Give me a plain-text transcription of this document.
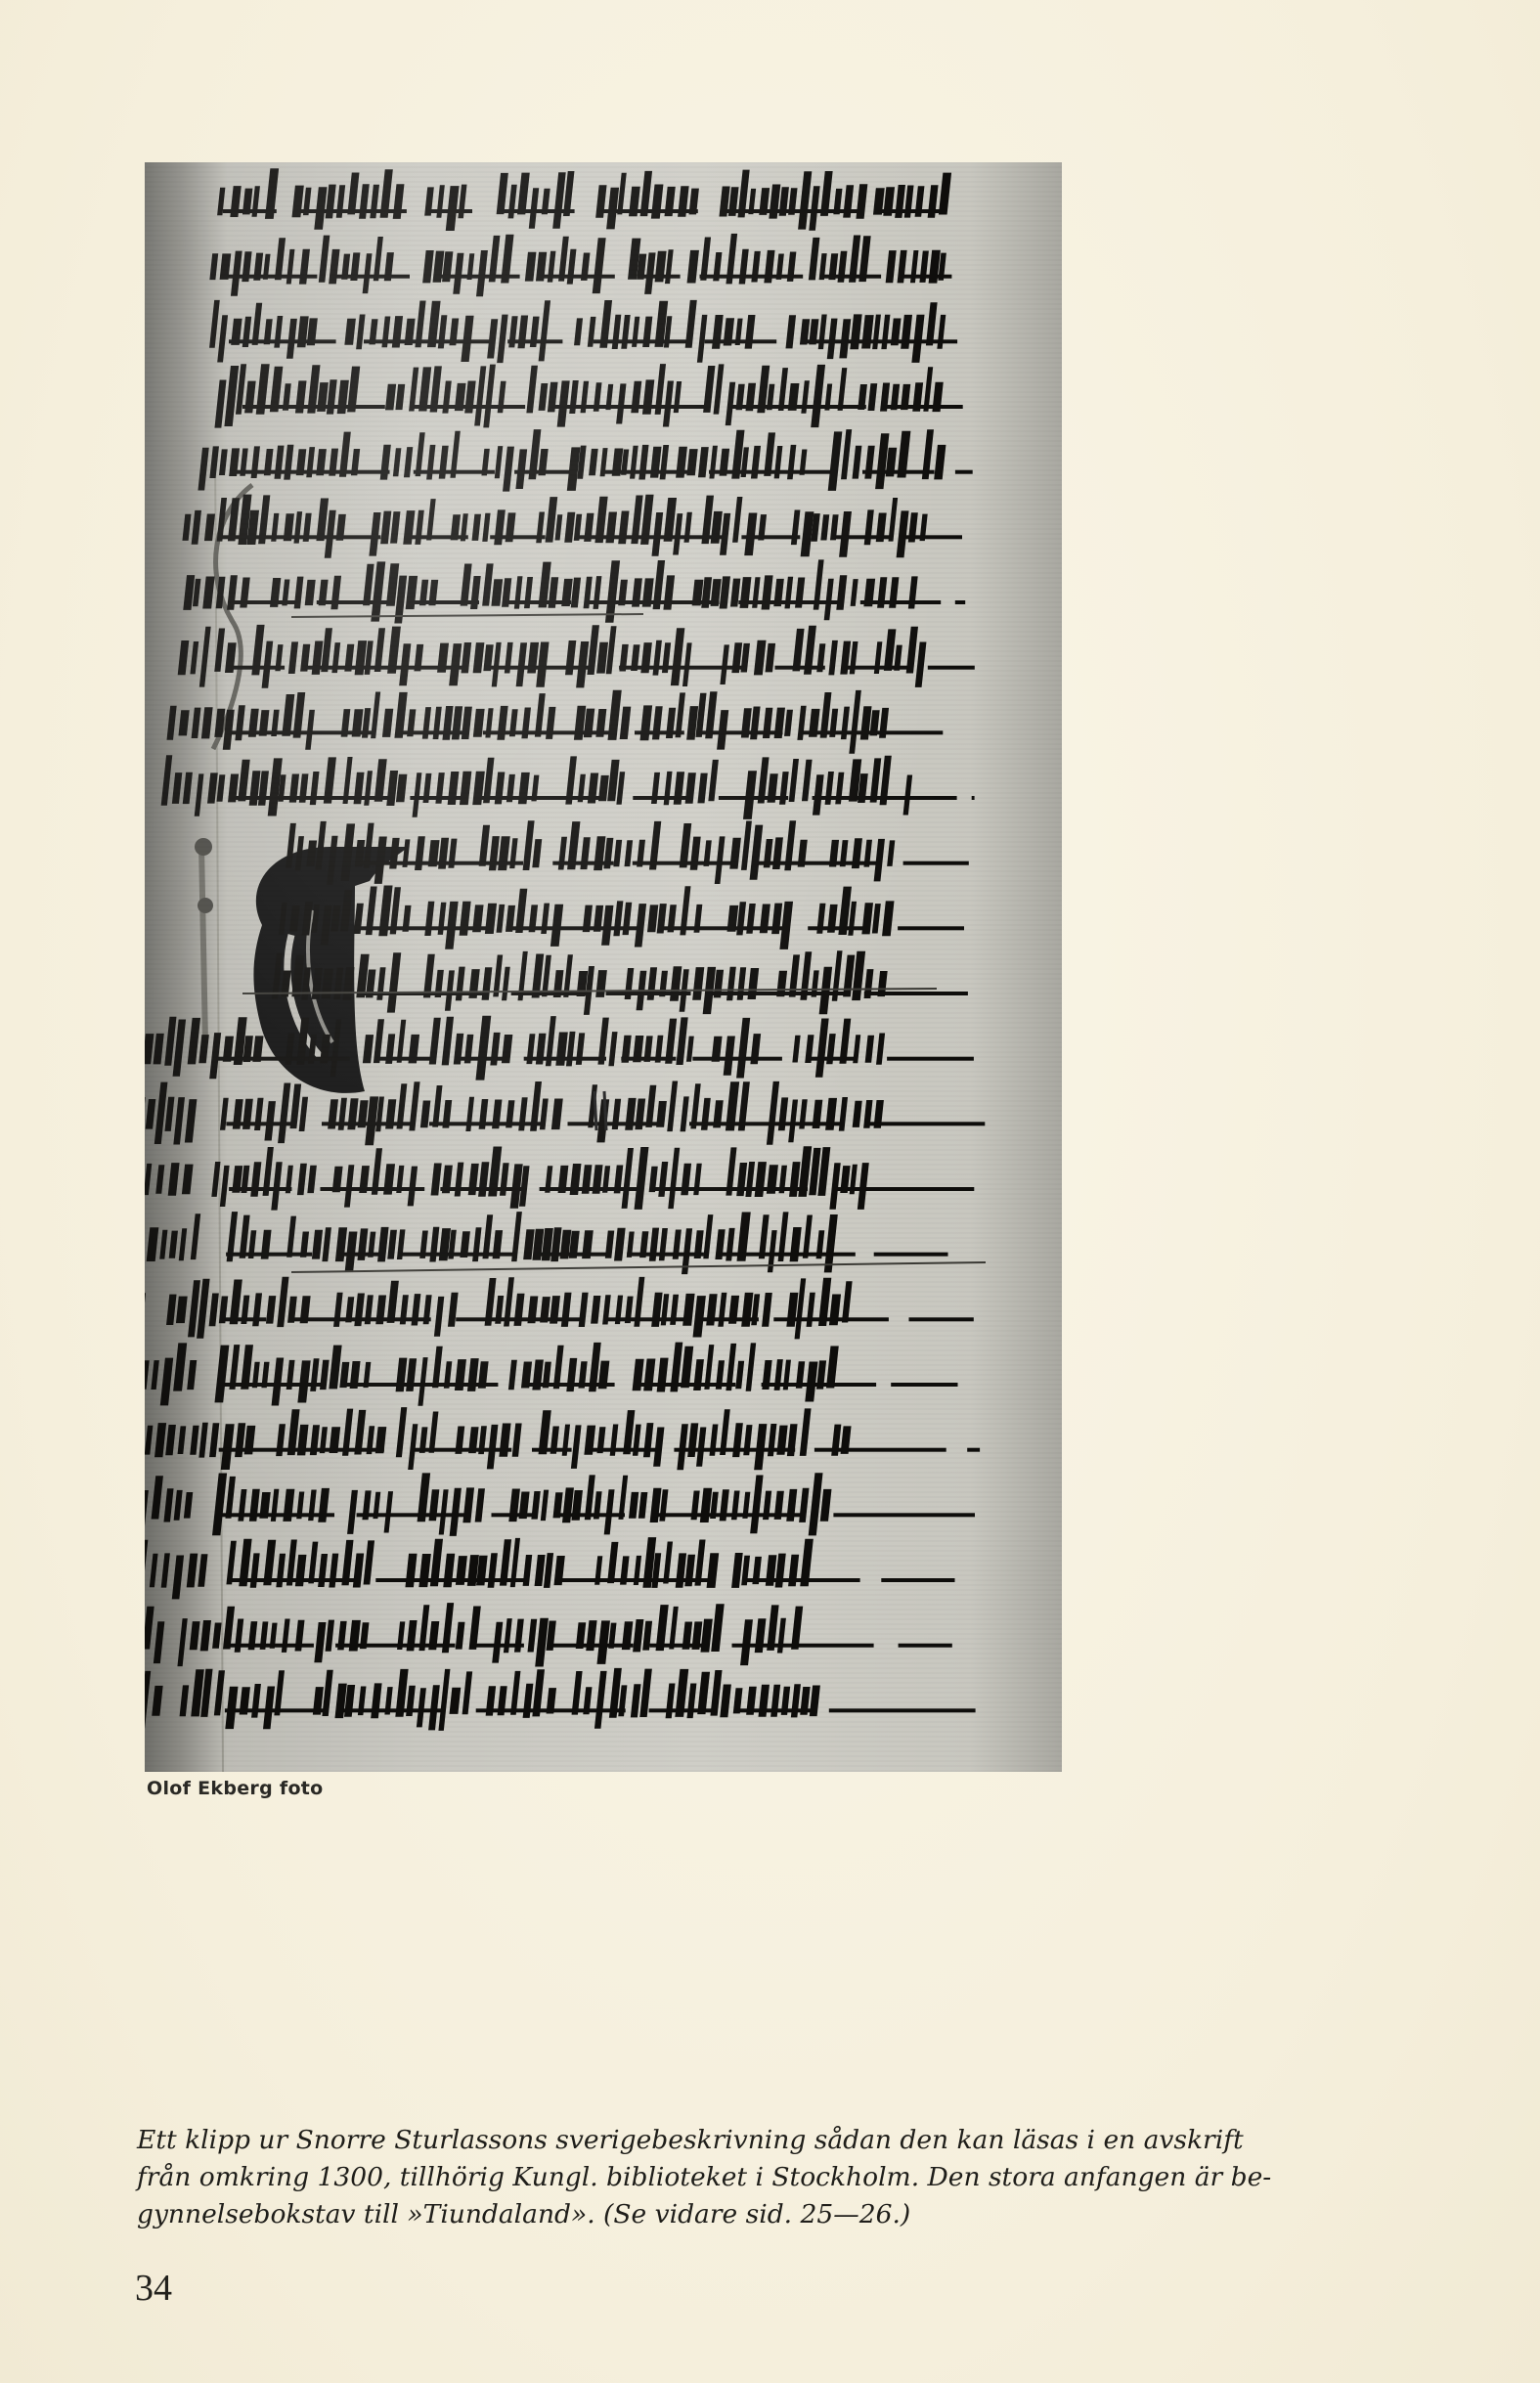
Olof Ekberg foto
Ett klipp ur Snorre Sturlassons sverigebeskrivning sådan den kan läsas i en avskrift
från omkring 1300, tillhörig Kungl. biblioteket i Stockholm. Den stora anfangen är be-
gynnelsebokstav till »Tiundaland». (Se vidare sid. 25—26.)
34
